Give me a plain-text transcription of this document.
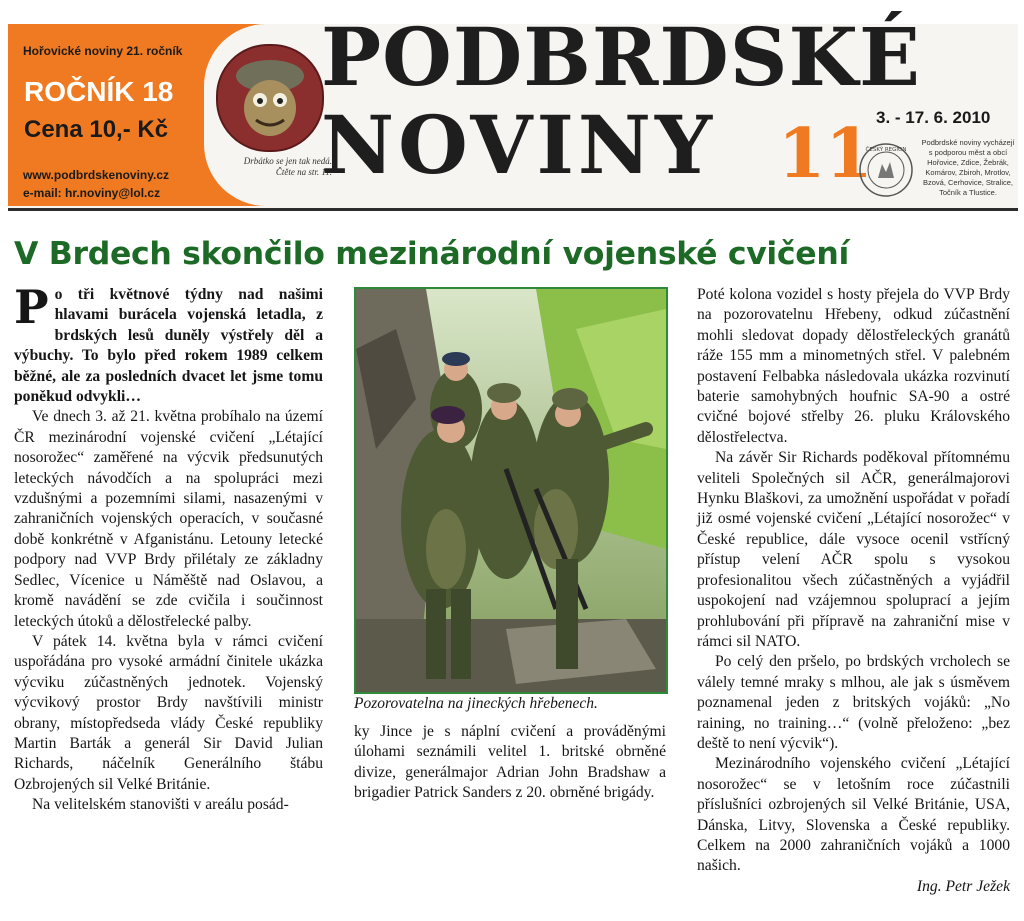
Hořovické noviny 21. ročník
ROČNÍK 18
Cena 10,- Kč
www.podbrdskenoviny.cz
e-mail: hr.noviny@lol.cz
Drbátko se jen tak nedá. Čtěte na str. 11.
PODBRDSKÉ
NOVINY 11 3. - 17. 6. 2010
ČESKÝ REGION
Podbrdské noviny vycházejí s podporou měst a obcí Hořovice, Zdice, Žebrák, Komárov, Zbiroh, Mrotlov, Bzová, Cerhovice, Stralice, Točník a Tlustice.
V Brdech skončilo mezinárodní vojenské cvičení

Po tři květnové týdny nad našimi hlavami burácela vojenská letadla, z brdských lesů duněly výstřely děl a výbuchy. To bylo před rokem 1989 celkem běžné, ale za posledních dvacet let jsme tomu poněkud odvykli…

Ve dnech 3. až 21. května probíhalo na území ČR mezinárodní vojenské cvičení „Létající nosorožec“ zaměřené na výcvik předsunutých leteckých návodčích a na spolupráci mezi vzdušnými a pozemními silami, nasazenými v zahraničních vojenských operacích, v současné době konkrétně v Afganistánu. Letouny letecké podpory nad VVP Brdy přilétaly ze základny Sedlec, Vícenice u Náměště nad Oslavou, a kromě navádění se zde cvičila i součinnost leteckých útoků a dělostřelecké palby.

V pátek 14. května byla v rámci cvičení uspořádána pro vysoké armádní činitele ukázka výcviku zúčastněných jednotek. Vojenský výcvikový prostor Brdy navštívili ministr obrany, místopředseda vlády České republiky Martin Barták a generál Sir David Julian Richards, náčelník Generálního štábu Ozbrojených sil Velké Británie.

Na velitelském stanovišti v areálu posád-

Pozorovatelna na jineckých hřebenech.

ky Jince je s náplní cvičení a prováděnými úlohami seznámili velitel 1. britské obrněné divize, generálmajor Adrian John Bradshaw a brigadier Patrick Sanders z 20. obrněné brigády.

Poté kolona vozidel s hosty přejela do VVP Brdy na pozorovatelnu Hřebeny, odkud zúčastnění mohli sledovat dopady dělostřeleckých granátů ráže 155 mm a minometných střel. V palebném postavení Felbabka následovala ukázka rozvinutí baterie samohybných houfnic SA-90 a ostré cvičné bojové střelby 26. pluku Královského dělostřelectva.

Na závěr Sir Richards poděkoval přítomnému veliteli Společných sil AČR, generálmajorovi Hynku Blaškovi, za umožnění uspořádat v pořadí již osmé vojenské cvičení „Létající nosorožec“ v České republice, dále vysoce ocenil vstřícný přístup velení AČR spolu s vysokou profesionalitou všech zúčastněných a vyjádřil uspokojení nad vzájemnou spoluprací a jejím prohlubování při přípravě na zahraniční mise v rámci sil NATO.

Po celý den pršelo, po brdských vrcholech se válely temné mraky s mlhou, ale jak s úsměvem poznamenal jeden z britských vojáků: „No raining, no training…“ (volně přeloženo: „bez deště to není výcvik“).

Mezinárodního vojenského cvičení „Létající nosorožec“ se v letošním roce zúčastnili příslušníci ozbrojených sil Velké Británie, USA, Dánska, Litvy, Slovenska a České republiky. Celkem na 2000 zahraničních vojáků a 1000 našich.

Ing. Petr Ježek
